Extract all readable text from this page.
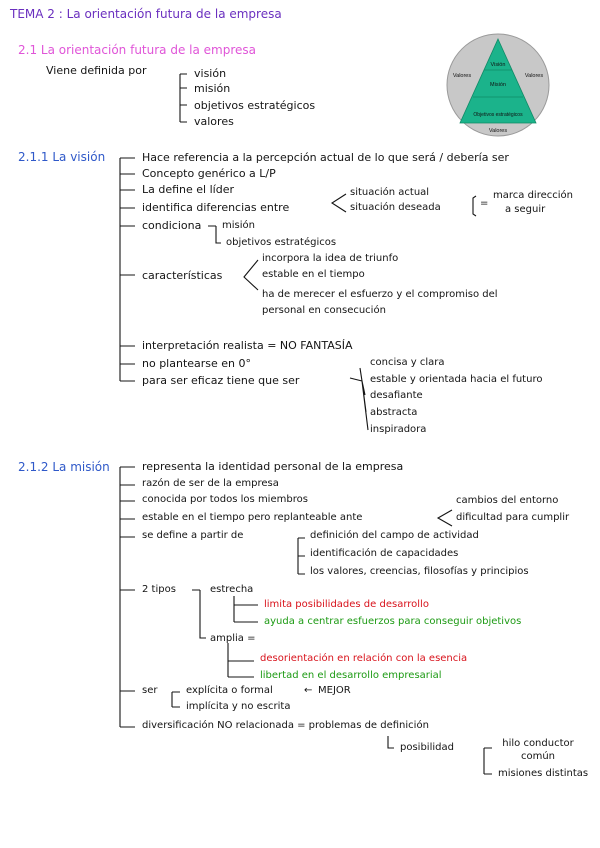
TEMA 2 : La orientación futura de la empresa
2.1 La orientación futura de la empresa
Viene definida por	visión
misión
objetivos estratégicos
valores
Visión
Misión
Objetivos estratégicos
Valores	Valores
Valores
2.1.1 La visión	Hace referencia a la percepción actual de lo que será / debería ser
Concepto genérico a L/P
La define el líder
identifica diferencias entre
situación actual
situación deseada	=
marca dirección
a seguir
condiciona misión
objetivos estratégicos
características
incorpora la idea de triunfo
estable en el tiempo
ha de merecer el esfuerzo y el compromiso del
personal en consecución
interpretación realista = NO FANTASÍA
no plantearse en 0°
para ser eficaz tiene que ser
concisa y clara
estable y orientada hacia el futuro
desafiante
abstracta
inspiradora
2.1.2 La misión	representa la identidad personal de la empresa
razón de ser de la empresa
conocida por todos los miembros
estable en el tiempo pero replanteable ante
cambios del entorno
dificultad para cumplir
se define a partir de	definición del campo de actividad
identificación de capacidades
los valores, creencias, filosofías y principios
2 tipos	estrecha
limita posibilidades de desarrollo
ayuda a centrar esfuerzos para conseguir objetivos
amplia =
desorientación en relación con la esencia
libertad en el desarrollo empresarial
ser	explícita o formal	← MEJOR
implícita y no escrita
diversificación NO relacionada = problemas de definición
posibilidad	hilo conductor común
misiones distintas
